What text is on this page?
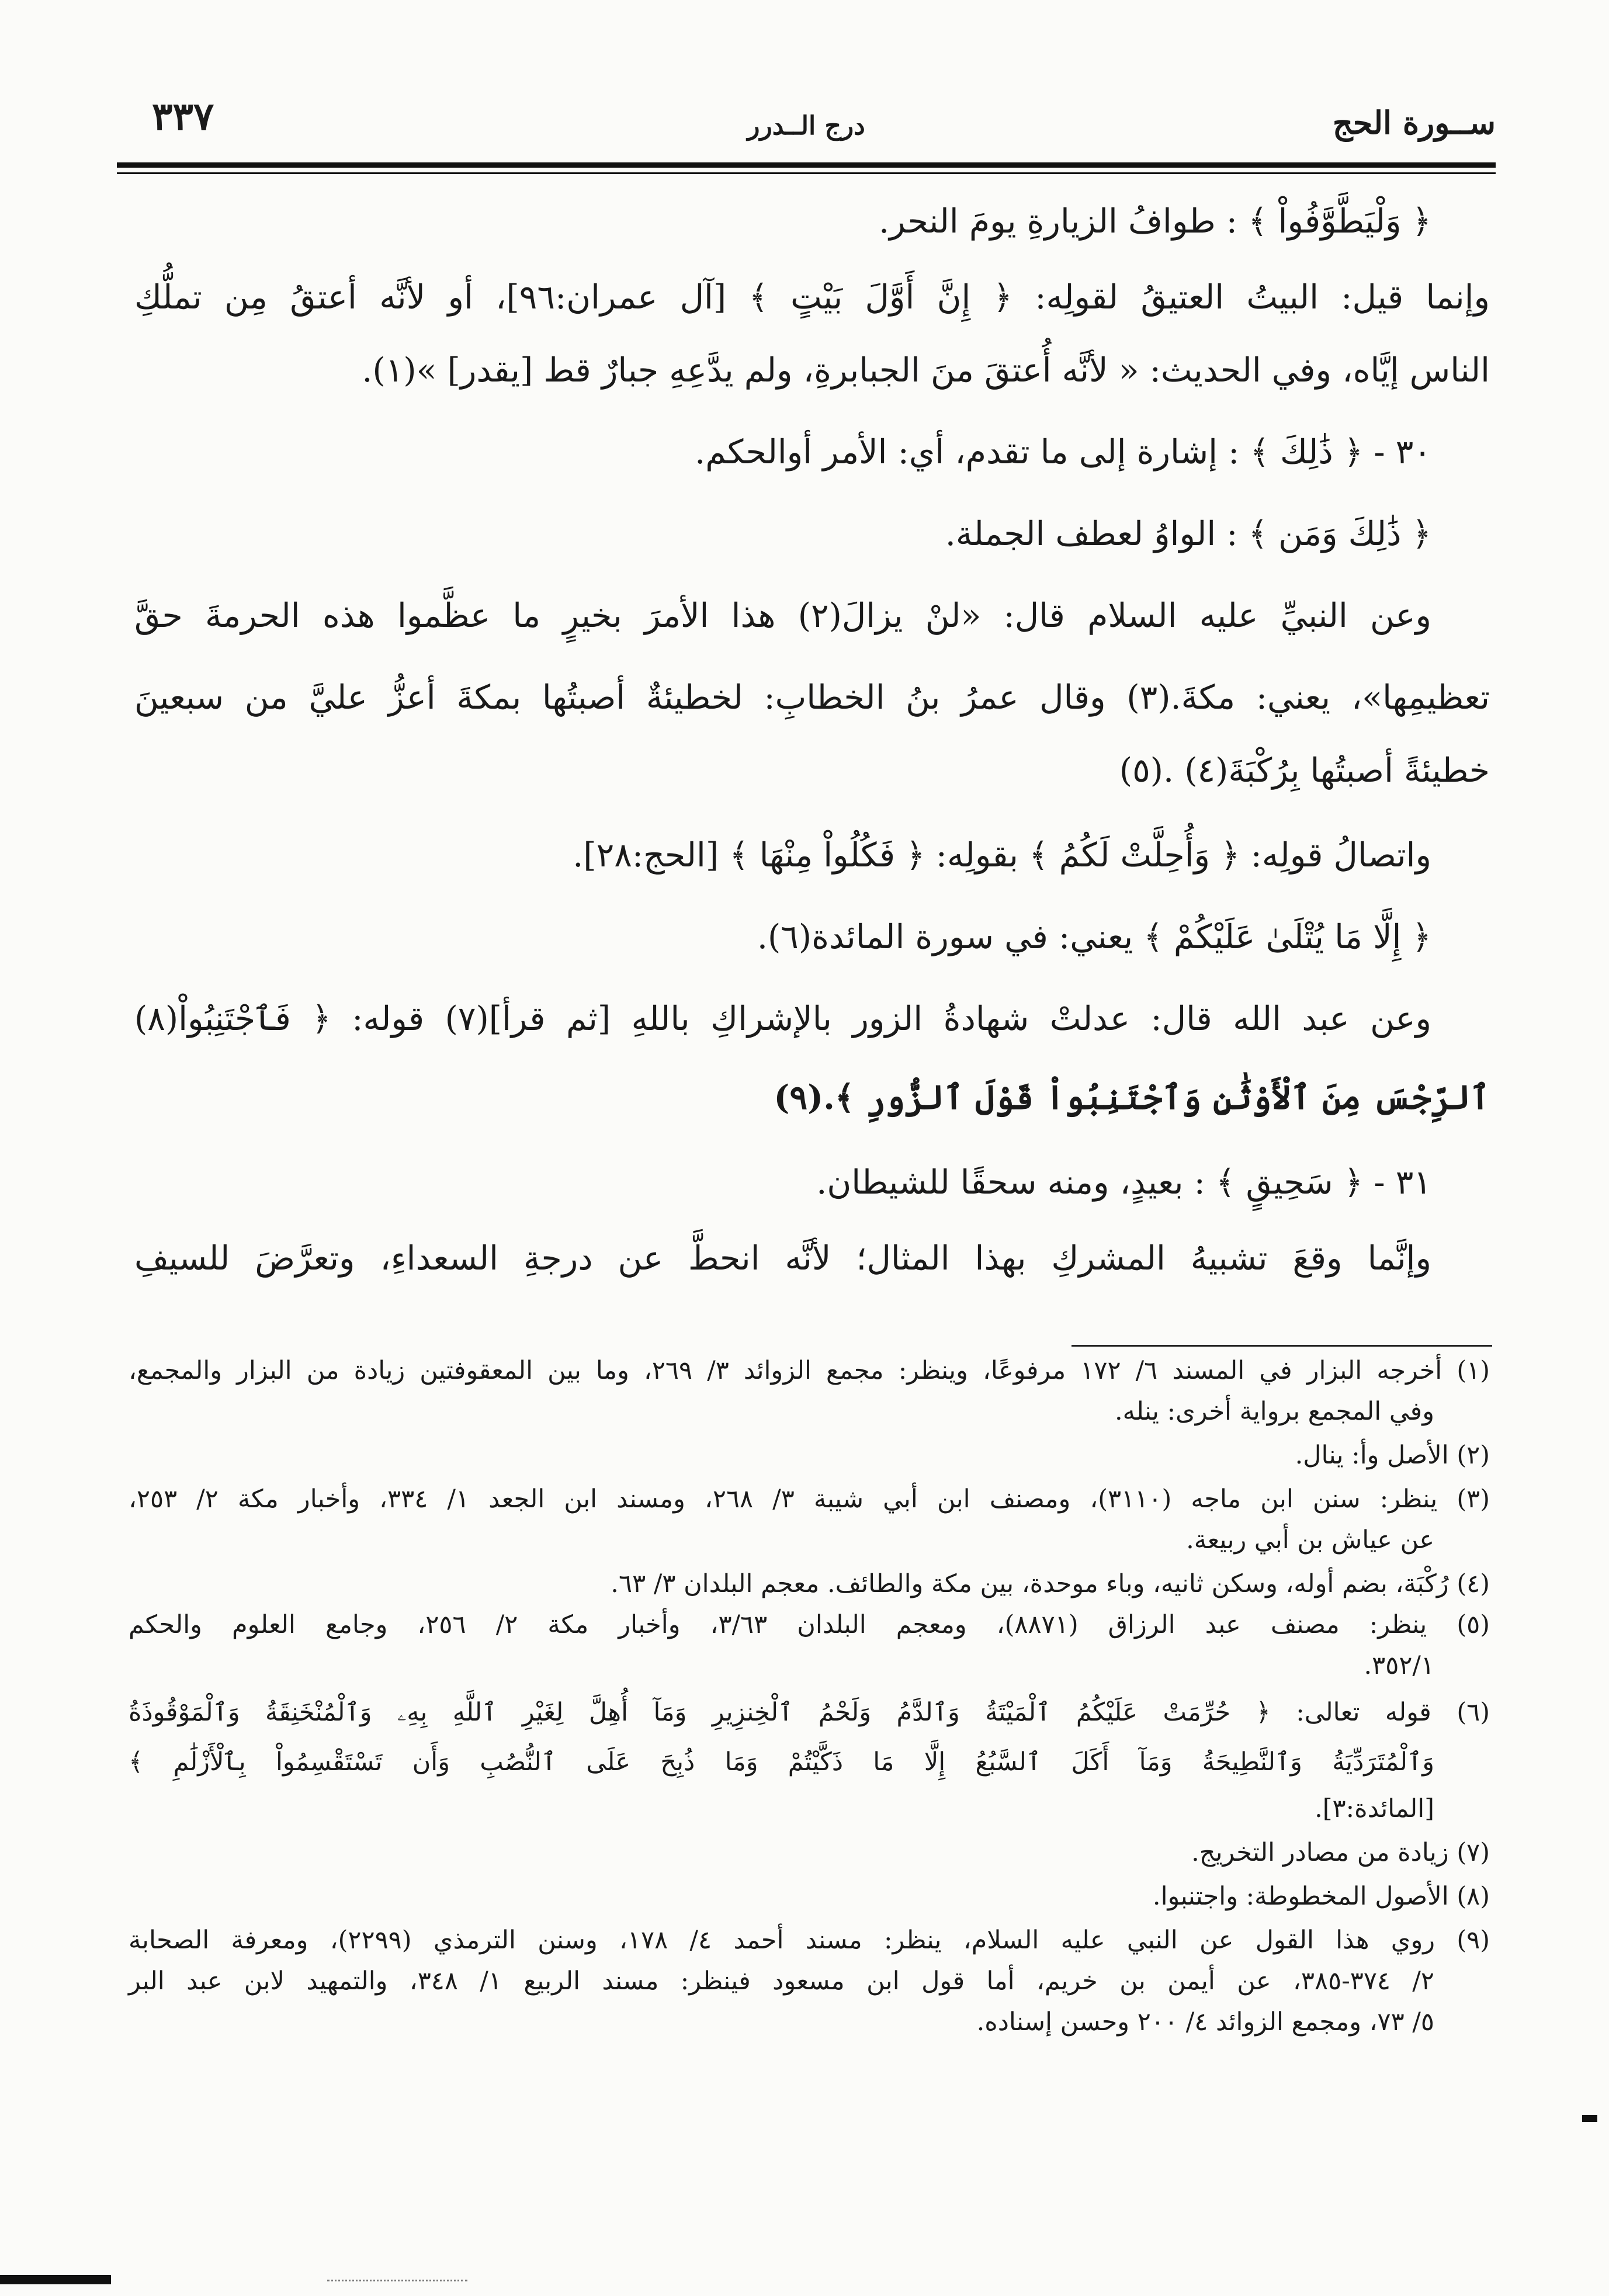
ســورة الحج
درج الــدرر
٣٣٧
﴿ وَلْيَطَّوَّفُواْ ﴾ : طوافُ الزيارةِ يومَ النحر.
وإنما قيل: البيتُ العتيقُ لقولِه: ﴿ إِنَّ أَوَّلَ بَيْتٍ ﴾ [آل عمران:٩٦]، أو لأنَّه أعتقُ مِن تملُّكِ
الناس إيَّاه، وفي الحديث: « لأنَّه أُعتقَ منَ الجبابرةِ، ولم يدَّعِهِ جبارٌ قط [يقدر] »(١).
٣٠ - ﴿ ذَٰلِكَ ﴾ : إشارة إلى ما تقدم، أي: الأمر أوالحكم.
﴿ ذَٰلِكَ وَمَن ﴾ : الواوُ لعطف الجملة.
وعن النبيِّ عليه السلام قال: «لنْ يزالَ(٢) هذا الأمرَ بخيرٍ ما عظَّموا هذه الحرمةَ حقَّ
تعظيمِها»، يعني: مكةَ.(٣) وقال عمرُ بنُ الخطابِ: لخطيئةٌ أصبتُها بمكةَ أعزُّ عليَّ من سبعينَ
خطيئةً أصبتُها بِرُكْبَةَ(٤) .(٥)
واتصالُ قولِه: ﴿ وَأُحِلَّتْ لَكُمُ ﴾ بقولِه: ﴿ فَكُلُواْ مِنْهَا ﴾ [الحج:٢٨].
﴿ إِلَّا مَا يُتْلَىٰ عَلَيْكُمْ ﴾ يعني: في سورة المائدة(٦).
وعن عبد الله قال: عدلتْ شهادةُ الزور بالإشراكِ باللهِ [ثم قرأ](٧) قوله: ﴿ فَٱجْتَنِبُواْ(٨)
ٱلرِّجْسَ مِنَ ٱلْأَوْثَٰنِ وَٱجْتَنِبُواْ قَوْلَ ٱلزُّورِ ﴾.(٩)
٣١ - ﴿ سَحِيقٍ ﴾ : بعيدٍ، ومنه سحقًا للشيطان.
وإنَّما وقعَ تشبيهُ المشركِ بهذا المثال؛ لأنَّه انحطَّ عن درجةِ السعداءِ، وتعرَّضَ للسيفِ
(١) أخرجه البزار في المسند ٦/ ١٧٢ مرفوعًا، وينظر: مجمع الزوائد ٣/ ٢٦٩، وما بين المعقوفتين زيادة من البزار والمجمع،
وفي المجمع برواية أخرى: ينله.
(٢) الأصل وأ: ينال.
(٣) ينظر: سنن ابن ماجه (٣١١٠)، ومصنف ابن أبي شيبة ٣/ ٢٦٨، ومسند ابن الجعد ١/ ٣٣٤، وأخبار مكة ٢/ ٢٥٣،
عن عياش بن أبي ربيعة.
(٤) رُكْبَة، بضم أوله، وسكن ثانيه، وباء موحدة، بين مكة والطائف. معجم البلدان ٣/ ٦٣.
(٥) ينظر: مصنف عبد الرزاق (٨٨٧١)، ومعجم البلدان ٣/٦٣، وأخبار مكة ٢/ ٢٥٦، وجامع العلوم والحكم
٣٥٢/١.
(٦) قوله تعالى: ﴿ حُرِّمَتْ عَلَيْكُمُ ٱلْمَيْتَةُ وَٱلدَّمُ وَلَحْمُ ٱلْخِنزِيرِ وَمَآ أُهِلَّ لِغَيْرِ ٱللَّهِ بِهِۦ وَٱلْمُنْخَنِقَةُ وَٱلْمَوْقُوذَةُ
وَٱلْمُتَرَدِّيَةُ وَٱلنَّطِيحَةُ وَمَآ أَكَلَ ٱلسَّبُعُ إِلَّا مَا ذَكَّيْتُمْ وَمَا ذُبِحَ عَلَى ٱلنُّصُبِ وَأَن تَسْتَقْسِمُواْ بِٱلْأَزْلَٰمِ ﴾
[المائدة:٣].
(٧) زيادة من مصادر التخريج.
(٨) الأصول المخطوطة: واجتنبوا.
(٩) روي هذا القول عن النبي عليه السلام، ينظر: مسند أحمد ٤/ ١٧٨، وسنن الترمذي (٢٢٩٩)، ومعرفة الصحابة
٢/ ٣٧٤-٣٨٥، عن أيمن بن خريم، أما قول ابن مسعود فينظر: مسند الربيع ١/ ٣٤٨، والتمهيد لابن عبد البر
٥/ ٧٣، ومجمع الزوائد ٤/ ٢٠٠ وحسن إسناده.
